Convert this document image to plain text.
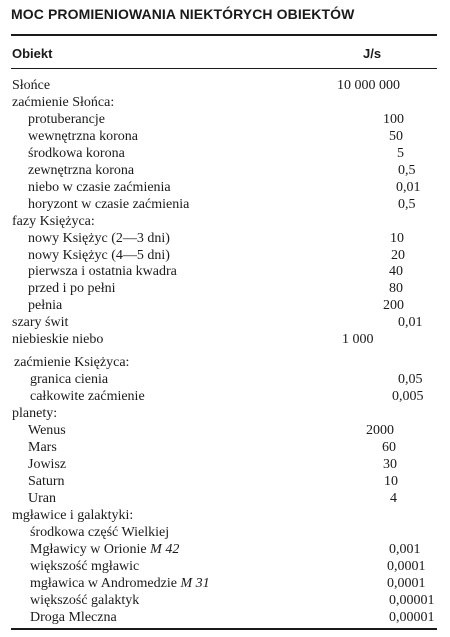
MOC PROMIENIOWANIA NIEKTÓRYCH OBIEKTÓW
Obiekt	J/s
Słońce	10 000 000
zaćmienie Słońca:
protuberancje	100
wewnętrzna korona	50
środkowa korona	5
zewnętrzna korona	0,5
niebo w czasie zaćmienia	0,01
horyzont w czasie zaćmienia	0,5
fazy Księżyca:
nowy Księżyc (2—3 dni)	10
nowy Księżyc (4—5 dni)	20
pierwsza i ostatnia kwadra	40
przed i po pełni	80
pełnia	200
szary świt	0,01
niebieskie niebo	1 000
zaćmienie Księżyca:
granica cienia	0,05
całkowite zaćmienie	0,005
planety:
Wenus	2000
Mars	60
Jowisz	30
Saturn	10
Uran	4
mgławice i galaktyki:
środkowa część Wielkiej
Mgławicy w Orionie M 42	0,001
większość mgławic	0,0001
mgławica w Andromedzie M 31	0,0001
większość galaktyk	0,00001
Droga Mleczna	0,00001
